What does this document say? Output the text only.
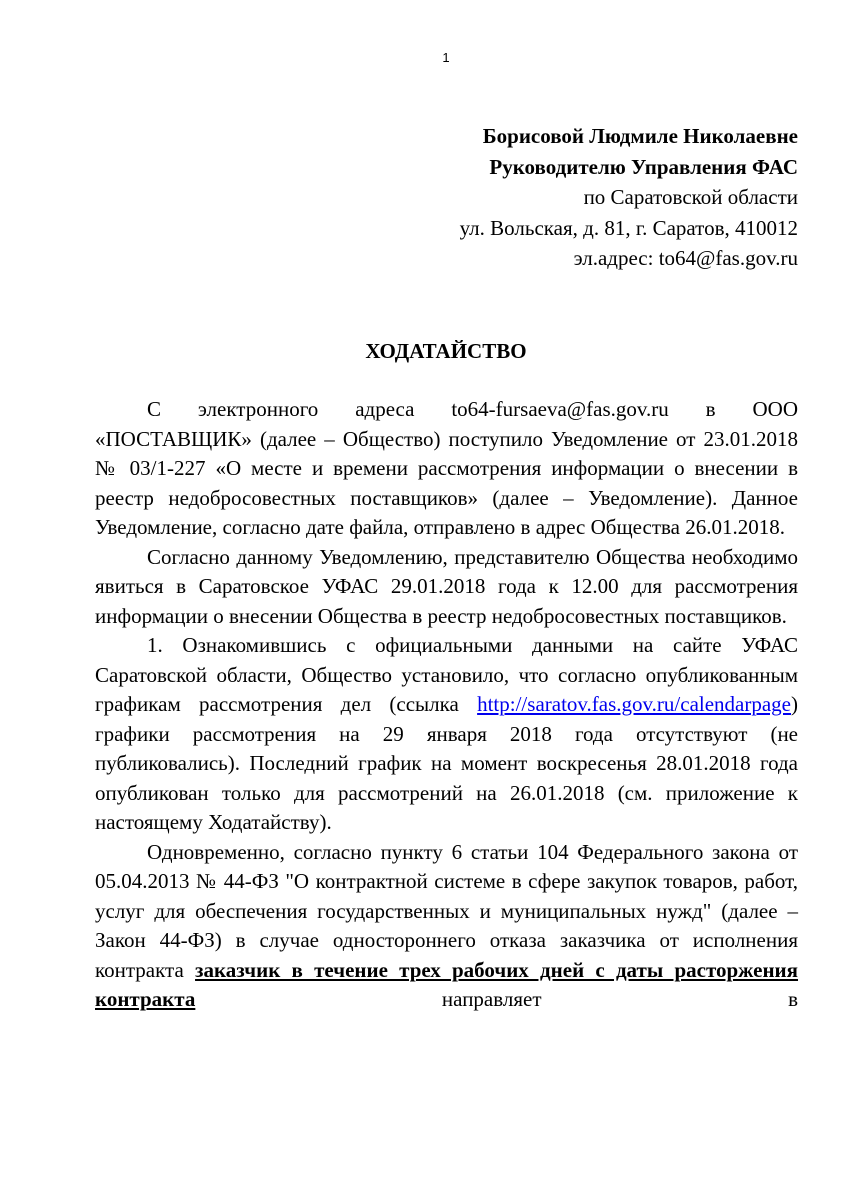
1
Борисовой Людмиле Николаевне
Руководителю Управления ФАС
по Саратовской области
ул. Вольская, д. 81, г. Саратов, 410012
эл.адрес: to64@fas.gov.ru
ХОДАТАЙСТВО

С электронного адреса to64-fursaeva@fas.gov.ru в ООО «ПОСТАВЩИК» (далее – Общество) поступило Уведомление от 23.01.2018 № 03/1-227 «О месте и времени рассмотрения информации о внесении в реестр недобросовестных поставщиков» (далее – Уведомление). Данное Уведомление, согласно дате файла, отправлено в адрес Общества 26.01.2018.

Согласно данному Уведомлению, представителю Общества необходимо явиться в Саратовское УФАС 29.01.2018 года к 12.00 для рассмотрения информации о внесении Общества в реестр недобросовестных поставщиков.

1. Ознакомившись с официальными данными на сайте УФАС Саратовской области, Общество установило, что согласно опубликованным графикам рассмотрения дел (ссылка http://saratov.fas.gov.ru/calendarpage) графики рассмотрения на 29 января 2018 года отсутствуют (не публиковались). Последний график на момент воскресенья 28.01.2018 года опубликован только для рассмотрений на 26.01.2018 (см. приложение к настоящему Ходатайству).

Одновременно, согласно пункту 6 статьи 104 Федерального закона от 05.04.2013 № 44-ФЗ "О контрактной системе в сфере закупок товаров, работ, услуг для обеспечения государственных и муниципальных нужд" (далее – Закон 44-ФЗ) в случае одностороннего отказа заказчика от исполнения контракта заказчик в течение трех рабочих дней с даты расторжения контракта направляет в
